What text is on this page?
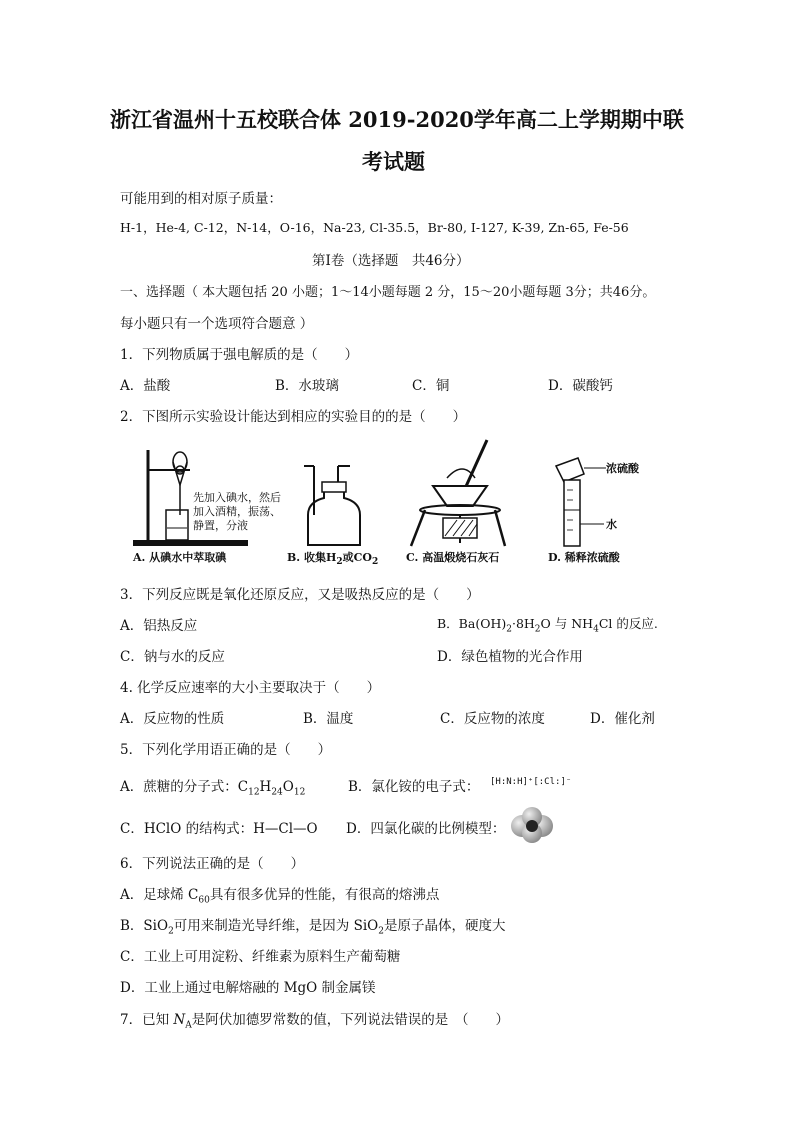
浙江省温州十五校联合体 2019-2020学年高二上学期期中联
考试题
可能用到的相对原子质量：
H-1，He-4, C-12，N-14，O-16，Na-23, Cl-35.5，Br-80, I-127, K-39, Zn-65, Fe-56
第Ⅰ卷（选择题　共46分）
一、选择题（ 本大题包括 20 小题；1～14小题每题 2 分，15～20小题每题 3分；共46分。
每小题只有一个选项符合题意 ）
1．下列物质属于强电解质的是（　　）
A．盐酸	B．水玻璃	C．铜	D．碳酸钙
2．下图所示实验设计能达到相应的实验目的的是（　　）
先加入碘水，然后
加入酒精，振荡、
静置，分液
A. 从碘水中萃取碘	B. 收集$H_2$或$CO_2$	C. 高温煅烧石灰石
浓硫酸
水
D. 稀释浓硫酸
3．下列反应既是氧化还原反应，又是吸热反应的是（　　）
A．铝热反应	B．$Ba(OH)_2\cdot 8H_2O$ 与 $NH_4Cl$ 的反应.
C．钠与水的反应	D．绿色植物的光合作用
4. 化学反应速率的大小主要取决于（　　）
A．反应物的性质	B．温度	C．反应物的浓度	D．催化剂
5．下列化学用语正确的是（　　）
A．蔗糖的分子式：$C_{12}H_{24}O_{12}$	B．氯化铵的电子式： [H:N:H]⁺[:Cl:]⁻
C．HClO 的结构式：H—Cl—O D．四氯化碳的比例模型：
6．下列说法正确的是（　　）
A．足球烯 $C_{60}$具有很多优异的性能，有很高的熔沸点
B．SiO$_2$可用来制造光导纤维，是因为 SiO$_2$是原子晶体，硬度大
C．工业上可用淀粉、纤维素为原料生产葡萄糖
D．工业上通过电解熔融的 MgO 制金属镁
7．已知 $N_A$是阿伏加德罗常数的值，下列说法错误的是　（　　）
